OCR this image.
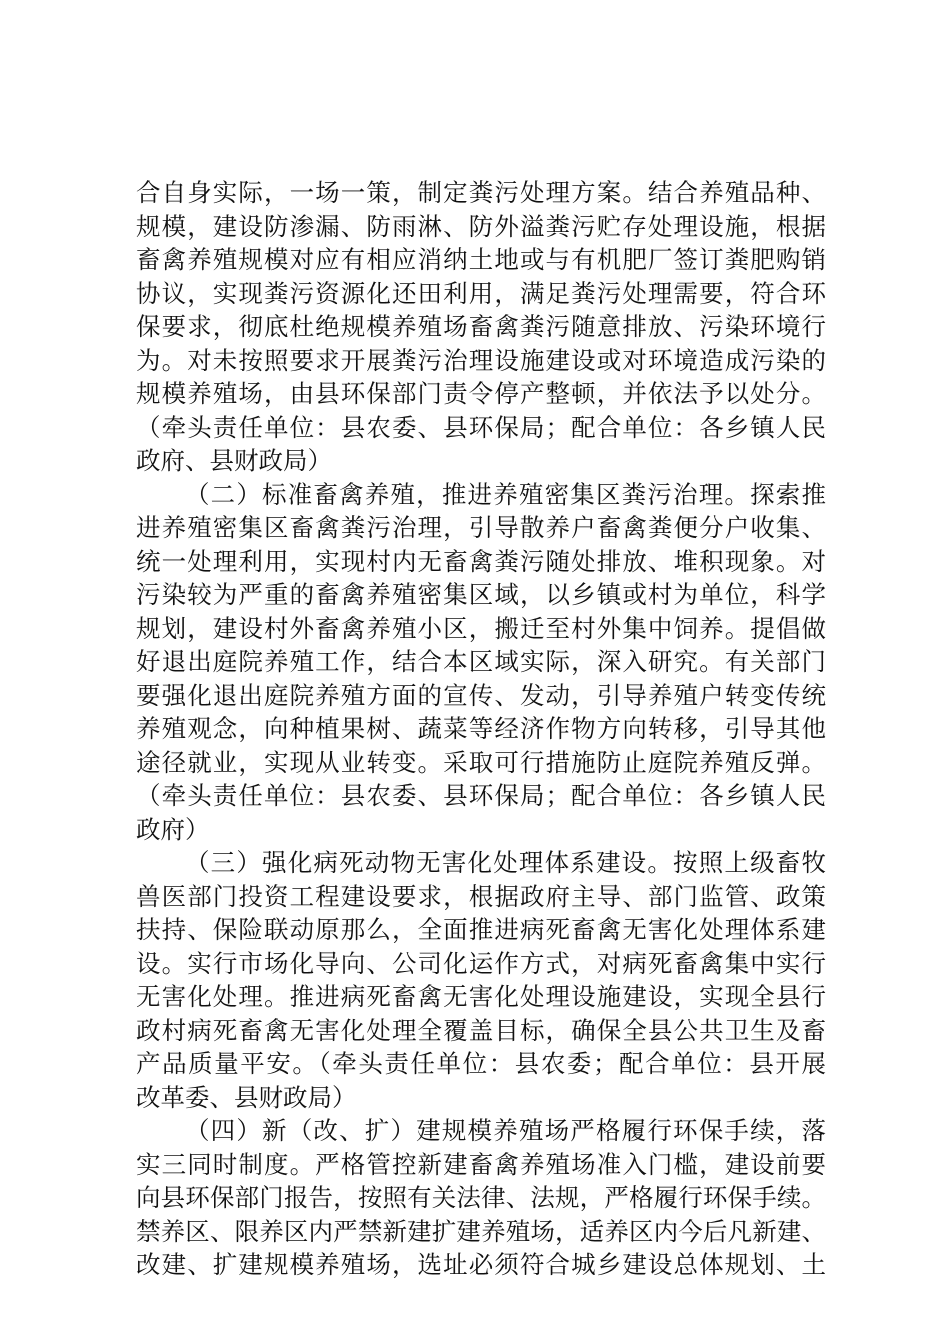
合自身实际，一场一策，制定粪污处理方案。结合养殖品种、
规模，建设防渗漏、防雨淋、防外溢粪污贮存处理设施，根据
畜禽养殖规模对应有相应消纳土地或与有机肥厂签订粪肥购销
协议，实现粪污资源化还田利用，满足粪污处理需要，符合环
保要求，彻底杜绝规模养殖场畜禽粪污随意排放、污染环境行
为。对未按照要求开展粪污治理设施建设或对环境造成污染的
规模养殖场，由县环保部门责令停产整顿，并依法予以处分。
（牵头责任单位：县农委、县环保局；配合单位：各乡镇人民
政府、县财政局）
（二）标准畜禽养殖，推进养殖密集区粪污治理。探索推
进养殖密集区畜禽粪污治理，引导散养户畜禽粪便分户收集、
统一处理利用，实现村内无畜禽粪污随处排放、堆积现象。对
污染较为严重的畜禽养殖密集区域，以乡镇或村为单位，科学
规划，建设村外畜禽养殖小区，搬迁至村外集中饲养。提倡做
好退出庭院养殖工作，结合本区域实际，深入研究。有关部门
要强化退出庭院养殖方面的宣传、发动，引导养殖户转变传统
养殖观念，向种植果树、蔬菜等经济作物方向转移，引导其他
途径就业，实现从业转变。采取可行措施防止庭院养殖反弹。
（牵头责任单位：县农委、县环保局；配合单位：各乡镇人民
政府）
（三）强化病死动物无害化处理体系建设。按照上级畜牧
兽医部门投资工程建设要求，根据政府主导、部门监管、政策
扶持、保险联动原那么，全面推进病死畜禽无害化处理体系建
设。实行市场化导向、公司化运作方式，对病死畜禽集中实行
无害化处理。推进病死畜禽无害化处理设施建设，实现全县行
政村病死畜禽无害化处理全覆盖目标，确保全县公共卫生及畜
产品质量平安。（牵头责任单位：县农委；配合单位：县开展
改革委、县财政局）
（四）新（改、扩）建规模养殖场严格履行环保手续，落
实三同时制度。严格管控新建畜禽养殖场准入门槛，建设前要
向县环保部门报告，按照有关法律、法规，严格履行环保手续。
禁养区、限养区内严禁新建扩建养殖场，适养区内今后凡新建、
改建、扩建规模养殖场，选址必须符合城乡建设总体规划、土
